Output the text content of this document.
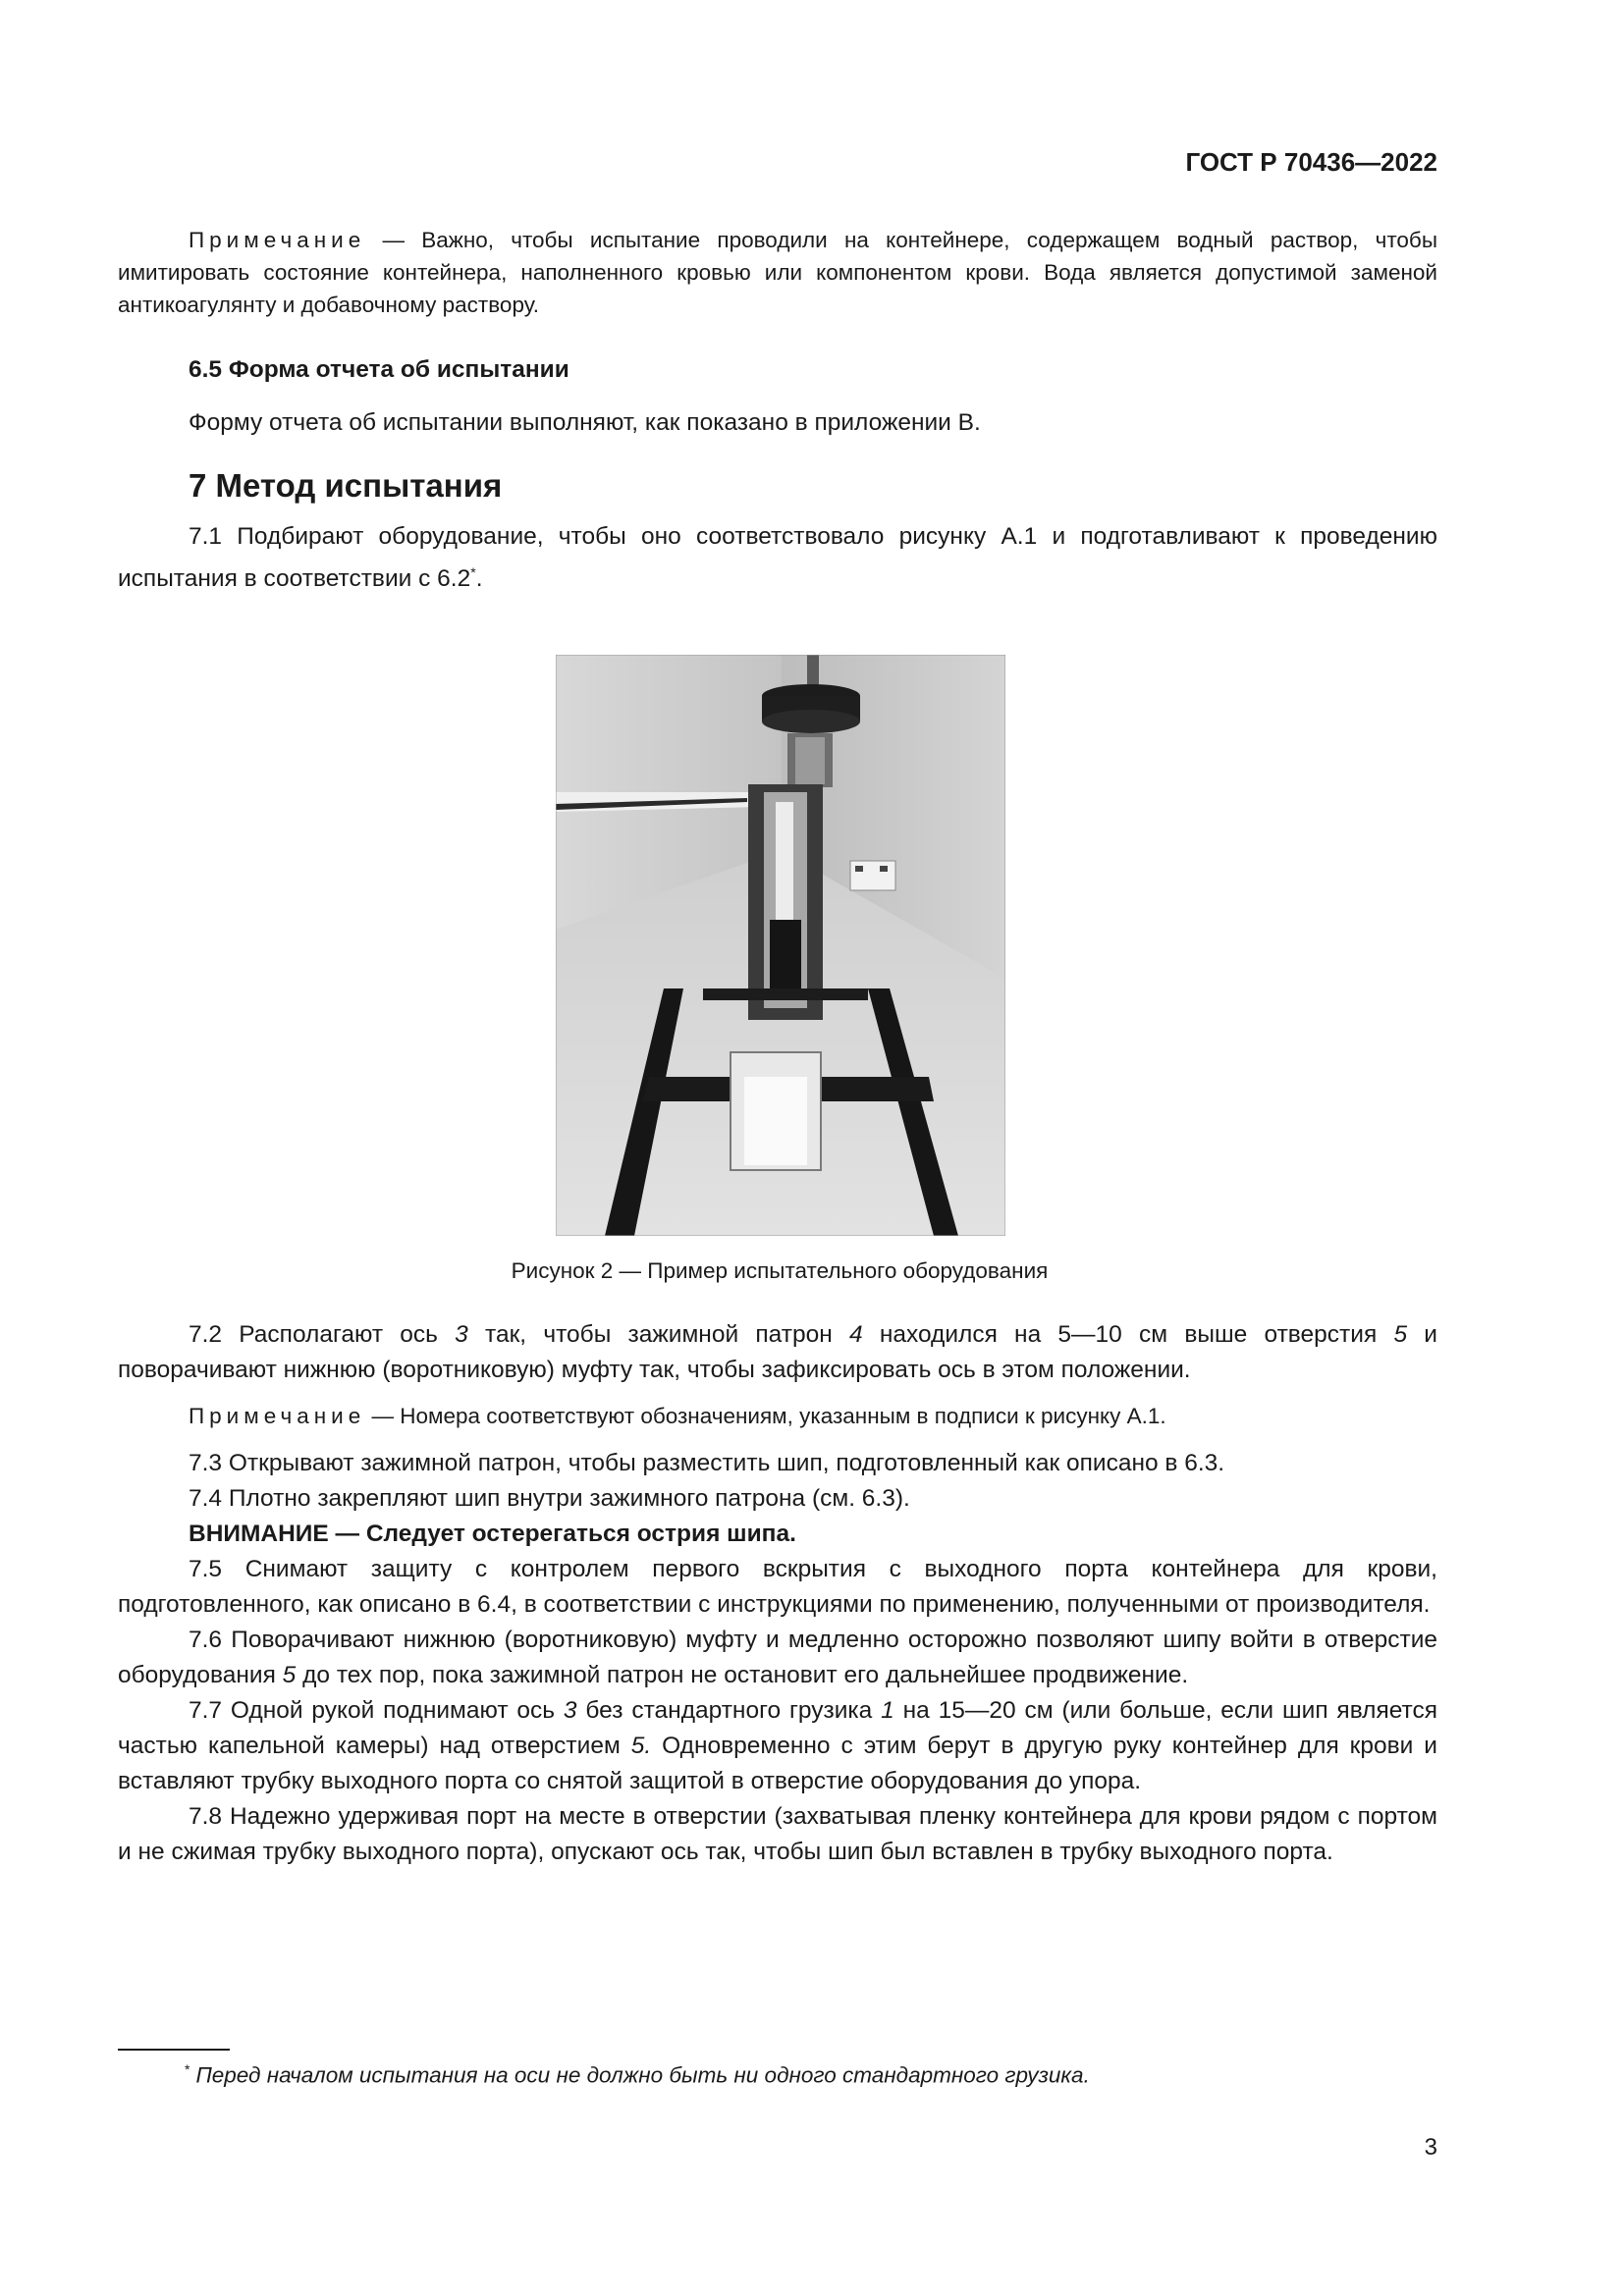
ГОСТ Р 70436—2022

Примечание — Важно, чтобы испытание проводили на контейнере, содержащем водный раствор, чтобы имитировать состояние контейнера, наполненного кровью или компонентом крови. Вода является допустимой заменой антикоагулянту и добавочному раствору.

6.5 Форма отчета об испытании

Форму отчета об испытании выполняют, как показано в приложении В.

7 Метод испытания

7.1 Подбирают оборудование, чтобы оно соответствовало рисунку А.1 и подготавливают к проведению испытания в соответствии с 6.2*.

Рисунок 2 — Пример испытательного оборудования

7.2 Располагают ось 3 так, чтобы зажимной патрон 4 находился на 5—10 см выше отверстия 5 и поворачивают нижнюю (воротниковую) муфту так, чтобы зафиксировать ось в этом положении.

Примечание — Номера соответствуют обозначениям, указанным в подписи к рисунку А.1.

7.3 Открывают зажимной патрон, чтобы разместить шип, подготовленный как описано в 6.3.

7.4 Плотно закрепляют шип внутри зажимного патрона (см. 6.3).

ВНИМАНИЕ — Следует остерегаться острия шипа.

7.5 Снимают защиту с контролем первого вскрытия с выходного порта контейнера для крови, подготовленного, как описано в 6.4, в соответствии с инструкциями по применению, полученными от производителя.

7.6 Поворачивают нижнюю (воротниковую) муфту и медленно осторожно позволяют шипу войти в отверстие оборудования 5 до тех пор, пока зажимной патрон не остановит его дальнейшее продвижение.

7.7 Одной рукой поднимают ось 3 без стандартного грузика 1 на 15—20 см (или больше, если шип является частью капельной камеры) над отверстием 5. Одновременно с этим берут в другую руку контейнер для крови и вставляют трубку выходного порта со снятой защитой в отверстие оборудования до упора.

7.8 Надежно удерживая порт на месте в отверстии (захватывая пленку контейнера для крови рядом с портом и не сжимая трубку выходного порта), опускают ось так, чтобы шип был вставлен в трубку выходного порта.

* Перед началом испытания на оси не должно быть ни одного стандартного грузика.
3
